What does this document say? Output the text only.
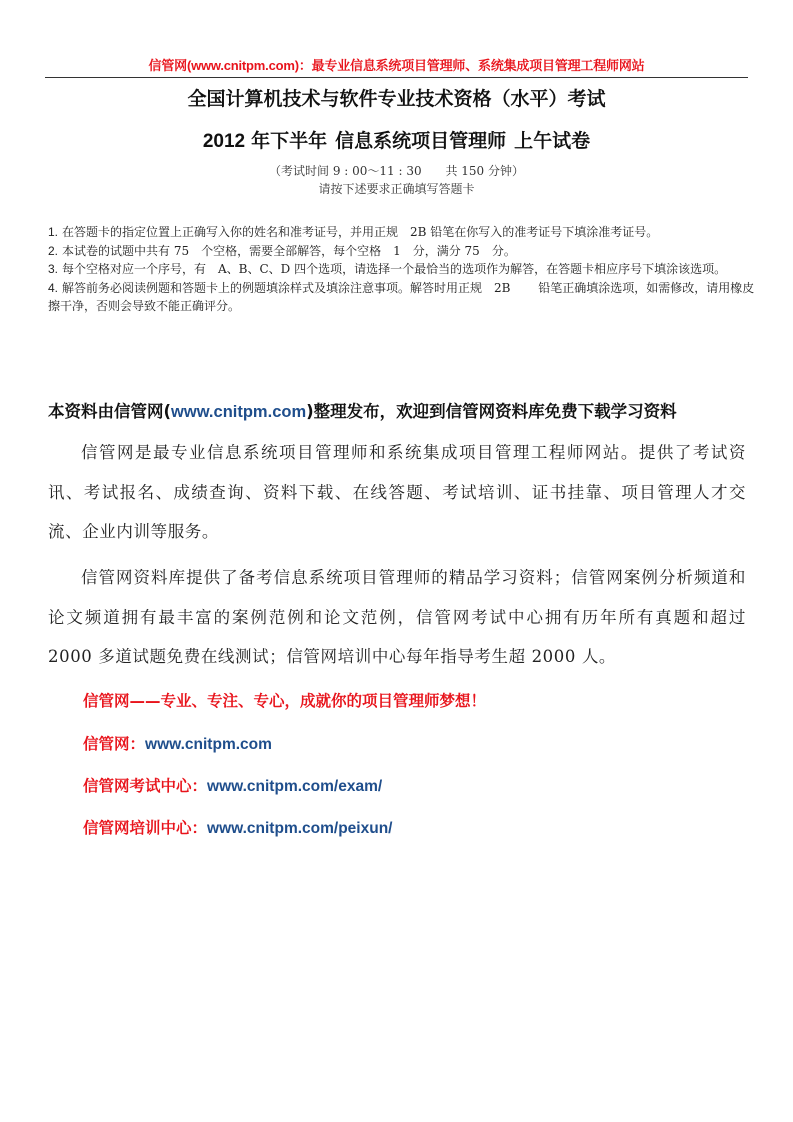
信管网(www.cnitpm.com)：最专业信息系统项目管理师、系统集成项目管理工程师网站
全国计算机技术与软件专业技术资格（水平）考试
2012 年下半年 信息系统项目管理师 上午试卷
（考试时间 9 : 00～11 : 30 共 150 分钟）
请按下述要求正确填写答题卡

1. 在答题卡的指定位置上正确写入你的姓名和准考证号，并用正规　2B 铅笔在你写入的准考证号下填涂准考证号。

2. 本试卷的试题中共有 75　个空格，需要全部解答，每个空格　1　分，满分 75　分。

3. 每个空格对应一个序号，有　A、B、C、D 四个选项，请选择一个最恰当的选项作为解答，在答题卡相应序号下填涂该选项。

4. 解答前务必阅读例题和答题卡上的例题填涂样式及填涂注意事项。解答时用正规　2B　　 铅笔正确填涂选项，如需修改，请用橡皮擦干净，否则会导致不能正确评分。

本资料由信管网(www.cnitpm.com)整理发布，欢迎到信管网资料库免费下载学习资料
信管网是最专业信息系统项目管理师和系统集成项目管理工程师网站。提供了考试资讯、考试报名、成绩查询、资料下载、在线答题、考试培训、证书挂靠、项目管理人才交流、企业内训等服务。
信管网资料库提供了备考信息系统项目管理师的精品学习资料；信管网案例分析频道和论文频道拥有最丰富的案例范例和论文范例，信管网考试中心拥有历年所有真题和超过 2000 多道试题免费在线测试；信管网培训中心每年指导考生超 2000 人。
信管网——专业、专注、专心，成就你的项目管理师梦想！
信管网：www.cnitpm.com
信管网考试中心：www.cnitpm.com/exam/
信管网培训中心：www.cnitpm.com/peixun/
